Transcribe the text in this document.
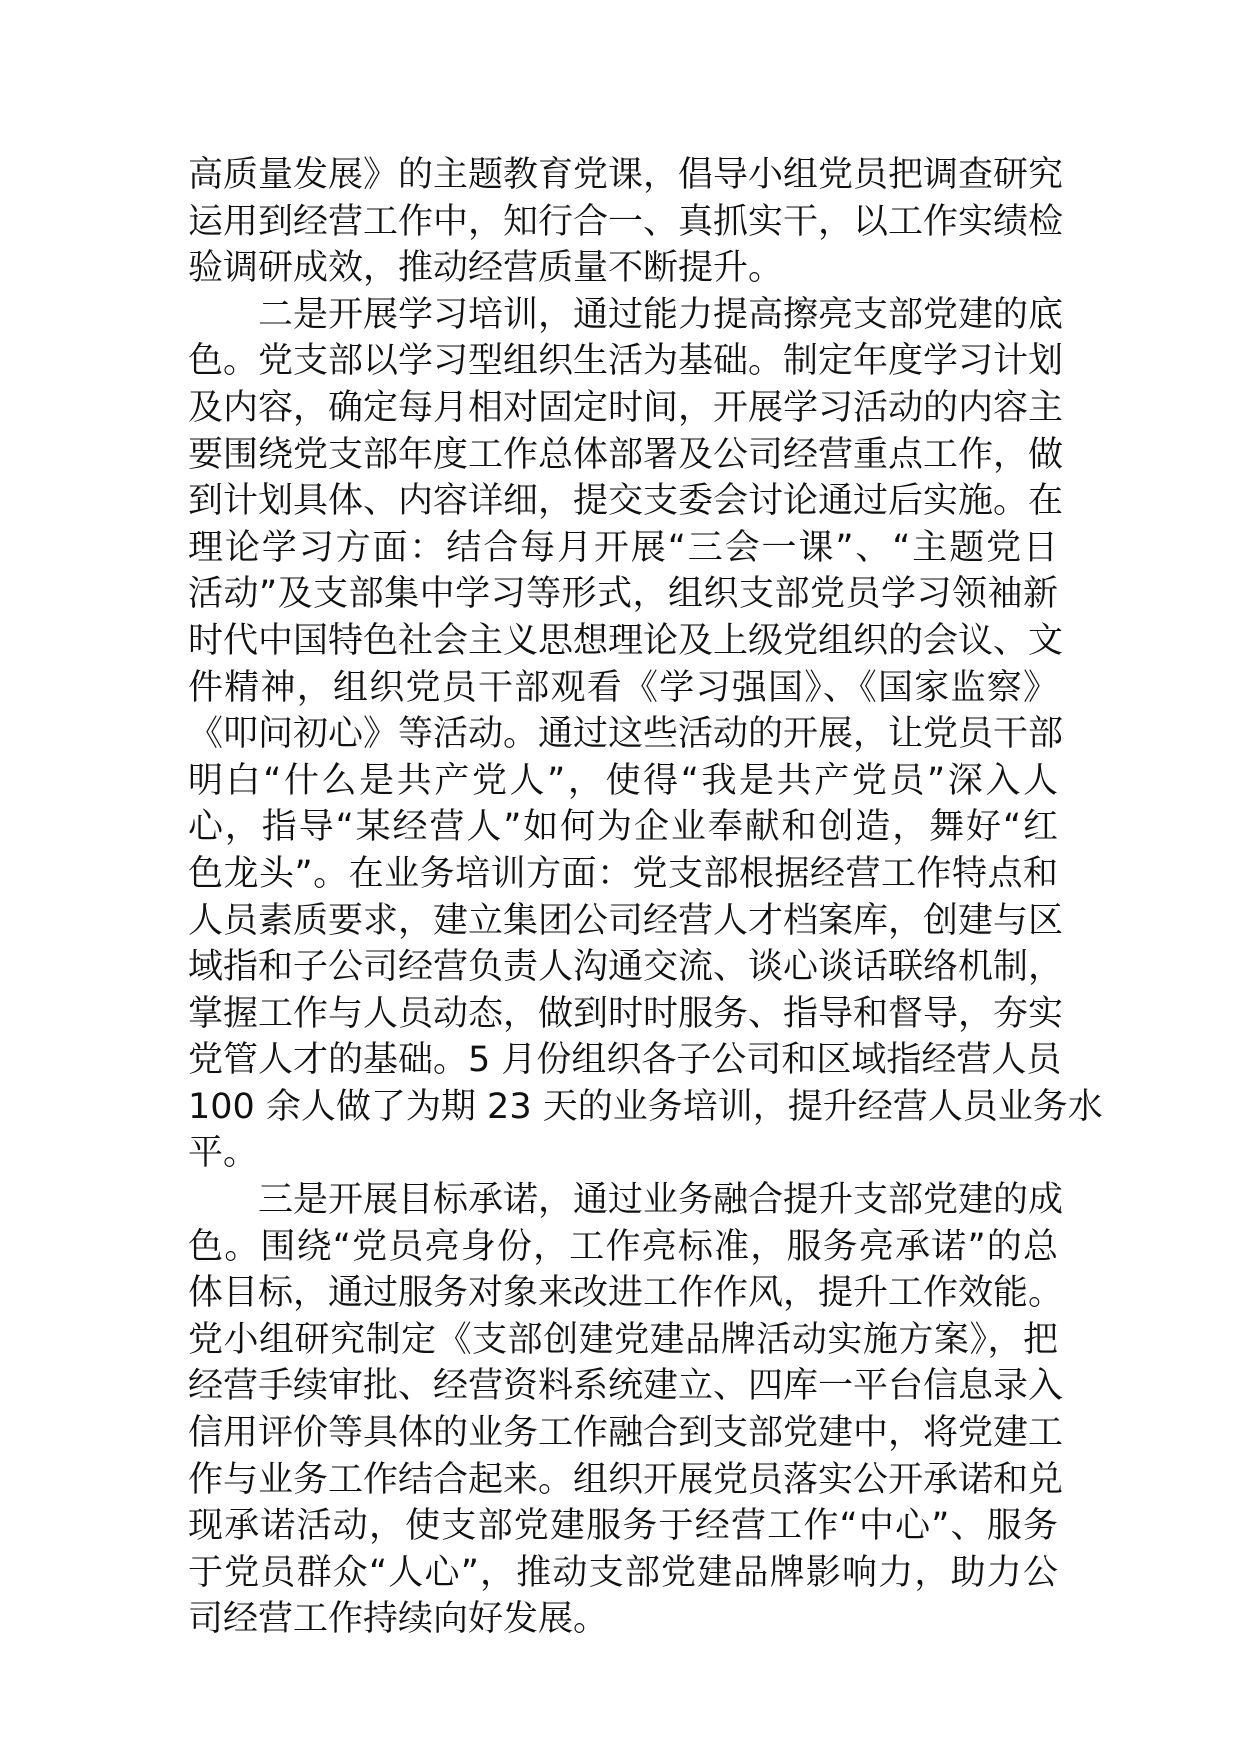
高质量发展》的主题教育党课，倡导小组党员把调查研究
运用到经营工作中，知行合一、真抓实干，以工作实绩检
验调研成效，推动经营质量不断提升。
二是开展学习培训，通过能力提高擦亮支部党建的底
色。党支部以学习型组织生活为基础。制定年度学习计划
及内容，确定每月相对固定时间，开展学习活动的内容主
要围绕党支部年度工作总体部署及公司经营重点工作，做
到计划具体、内容详细，提交支委会讨论通过后实施。在
理论学习方面：结合每月开展“三会一课”、“主题党日
活动”及支部集中学习等形式，组织支部党员学习领袖新
时代中国特色社会主义思想理论及上级党组织的会议、文
件精神，组织党员干部观看《学习强国》、《国家监察》
《叩问初心》等活动。通过这些活动的开展，让党员干部
明白“什么是共产党人”，使得“我是共产党员”深入人
心，指导“某经营人”如何为企业奉献和创造，舞好“红
色龙头”。在业务培训方面：党支部根据经营工作特点和
人员素质要求，建立集团公司经营人才档案库，创建与区
域指和子公司经营负责人沟通交流、谈心谈话联络机制，
掌握工作与人员动态，做到时时服务、指导和督导，夯实
党管人才的基础。5 月份组织各子公司和区域指经营人员
100 余人做了为期 23 天的业务培训，提升经营人员业务水
平。
三是开展目标承诺，通过业务融合提升支部党建的成
色。围绕“党员亮身份，工作亮标准，服务亮承诺”的总
体目标，通过服务对象来改进工作作风，提升工作效能。
党小组研究制定《支部创建党建品牌活动实施方案》，把
经营手续审批、经营资料系统建立、四库一平台信息录入
信用评价等具体的业务工作融合到支部党建中，将党建工
作与业务工作结合起来。组织开展党员落实公开承诺和兑
现承诺活动，使支部党建服务于经营工作“中心”、服务
于党员群众“人心”，推动支部党建品牌影响力，助力公
司经营工作持续向好发展。
